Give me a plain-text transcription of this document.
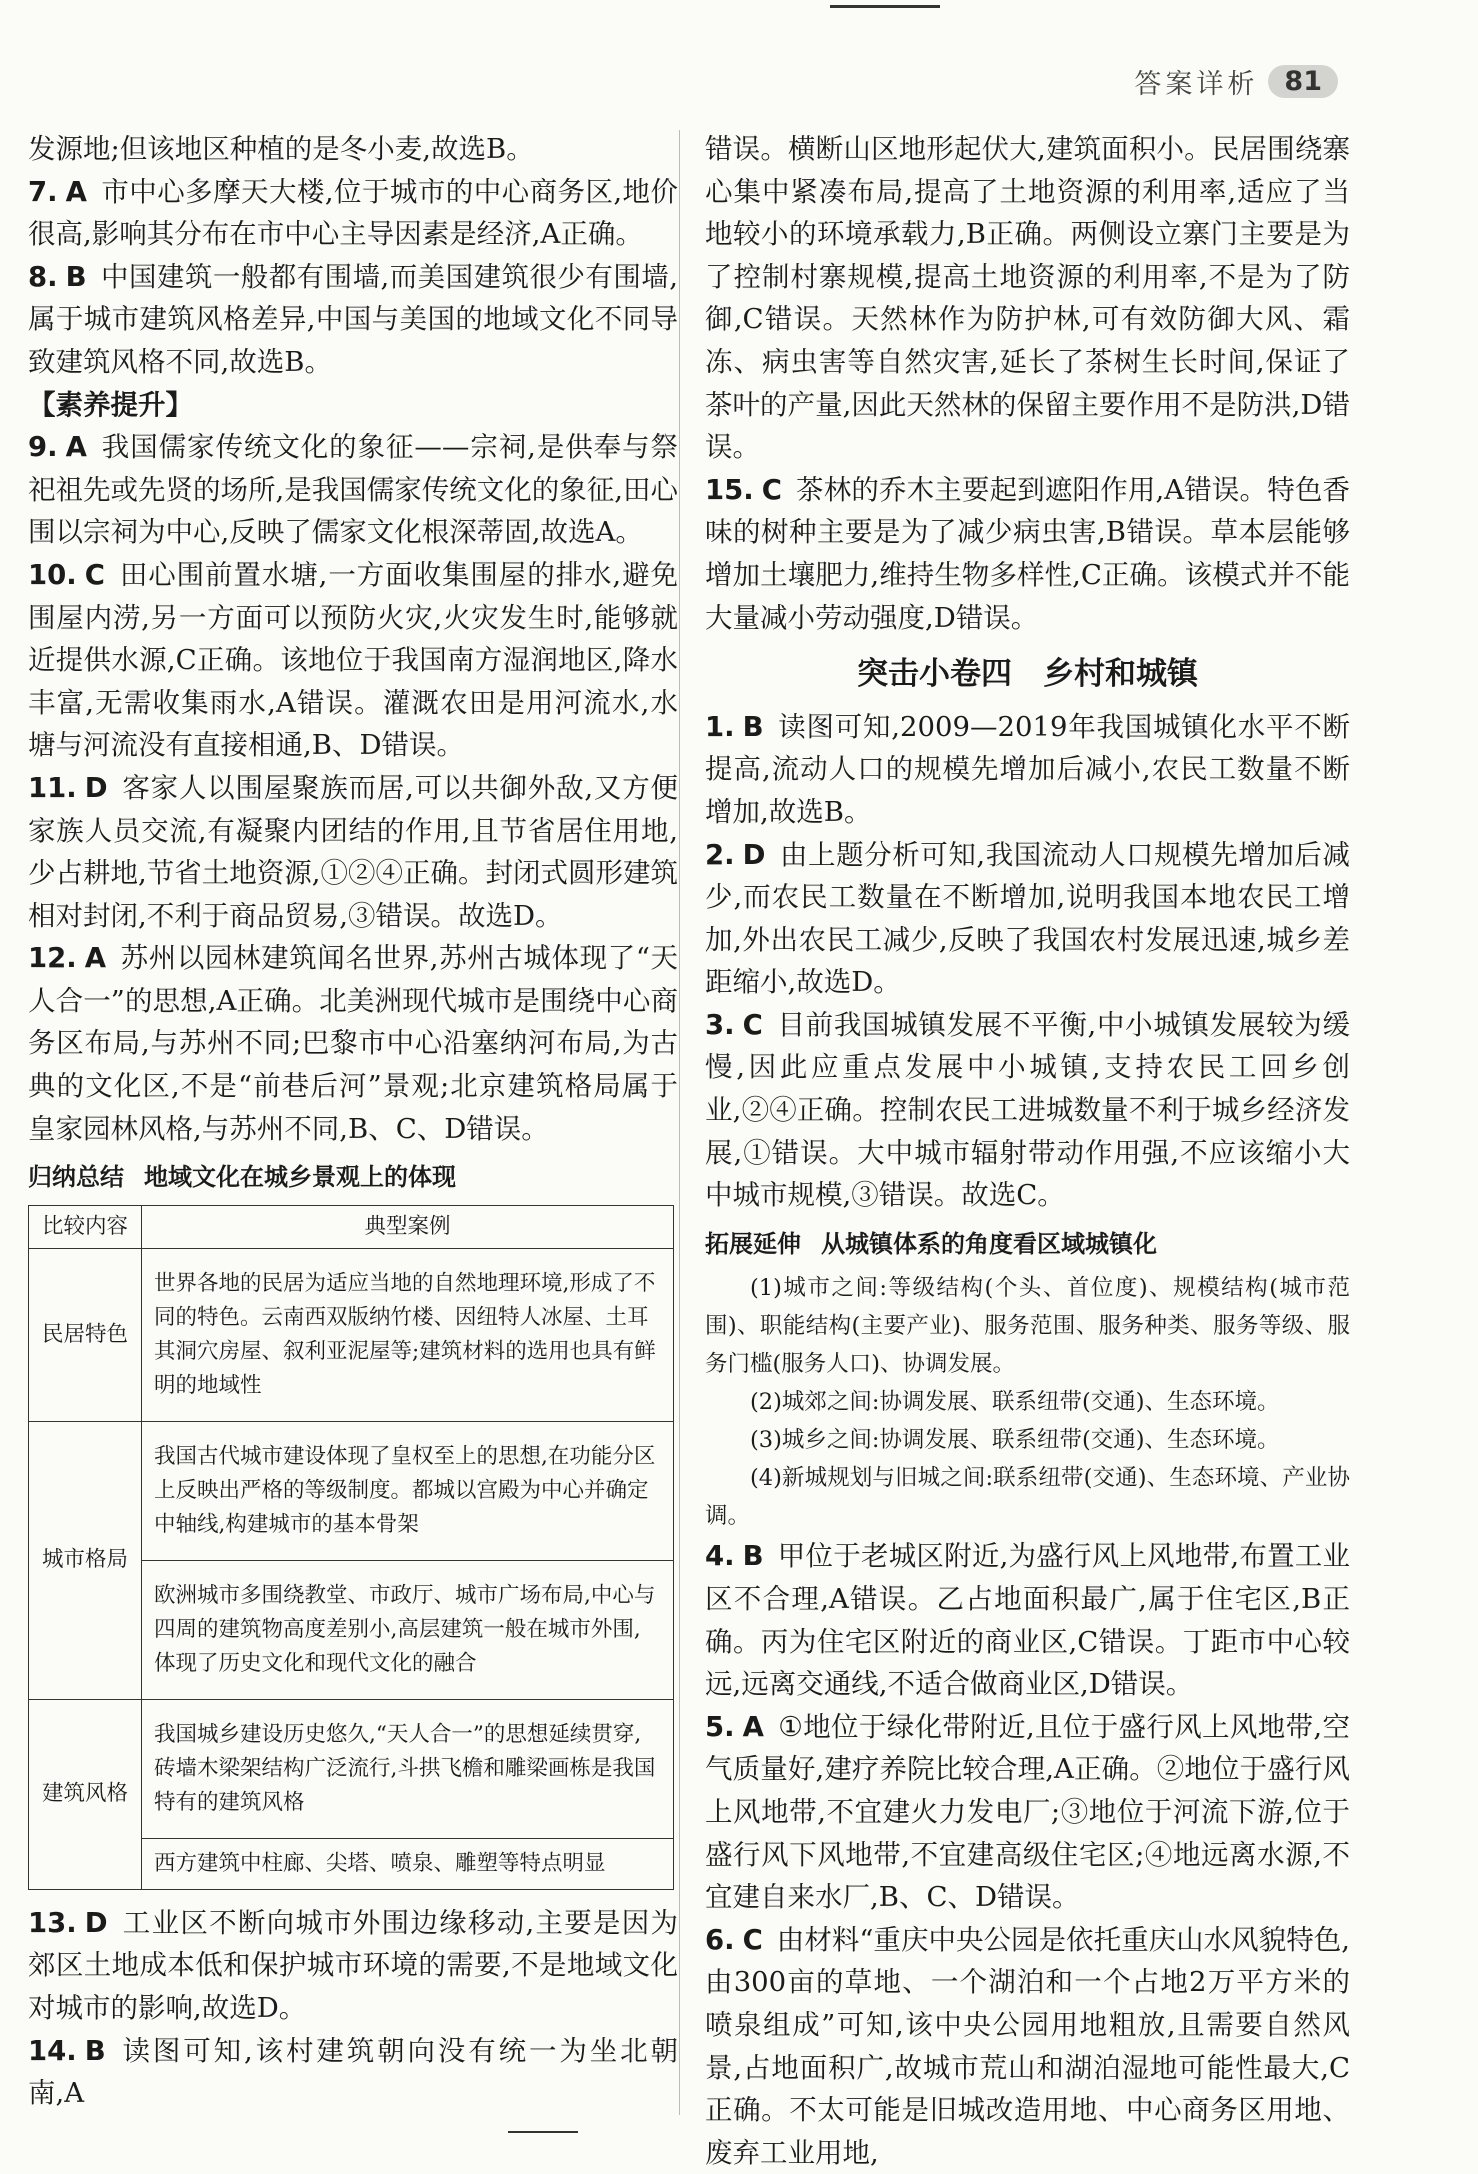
答案详析 81

发源地;但该地区种植的是冬小麦,故选B。

7. A 市中心多摩天大楼,位于城市的中心商务区,地价很高,影响其分布在市中心主导因素是经济,A正确。

8. B 中国建筑一般都有围墙,而美国建筑很少有围墙,属于城市建筑风格差异,中国与美国的地域文化不同导致建筑风格不同,故选B。

【素养提升】

9. A 我国儒家传统文化的象征——宗祠,是供奉与祭祀祖先或先贤的场所,是我国儒家传统文化的象征,田心围以宗祠为中心,反映了儒家文化根深蒂固,故选A。

10. C 田心围前置水塘,一方面收集围屋的排水,避免围屋内涝,另一方面可以预防火灾,火灾发生时,能够就近提供水源,C正确。该地位于我国南方湿润地区,降水丰富,无需收集雨水,A错误。灌溉农田是用河流水,水塘与河流没有直接相通,B、D错误。

11. D 客家人以围屋聚族而居,可以共御外敌,又方便家族人员交流,有凝聚内团结的作用,且节省居住用地,少占耕地,节省土地资源,①②④正确。封闭式圆形建筑相对封闭,不利于商品贸易,③错误。故选D。

12. A 苏州以园林建筑闻名世界,苏州古城体现了“天人合一”的思想,A正确。北美洲现代城市是围绕中心商务区布局,与苏州不同;巴黎市中心沿塞纳河布局,为古典的文化区,不是“前巷后河”景观;北京建筑格局属于皇家园林风格,与苏州不同,B、C、D错误。

归纳总结 地域文化在城乡景观上的体现
比较内容	典型案例
民居特色	世界各地的民居为适应当地的自然地理环境,形成了不同的特色。云南西双版纳竹楼、因纽特人冰屋、土耳其洞穴房屋、叙利亚泥屋等;建筑材料的选用也具有鲜明的地域性
城市格局	我国古代城市建设体现了皇权至上的思想,在功能分区上反映出严格的等级制度。都城以宫殿为中心并确定中轴线,构建城市的基本骨架
	欧洲城市多围绕教堂、市政厅、城市广场布局,中心与四周的建筑物高度差别小,高层建筑一般在城市外围,体现了历史文化和现代文化的融合
建筑风格	我国城乡建设历史悠久,“天人合一”的思想延续贯穿,砖墙木梁架结构广泛流行,斗拱飞檐和雕梁画栋是我国特有的建筑风格
	西方建筑中柱廊、尖塔、喷泉、雕塑等特点明显

13. D 工业区不断向城市外围边缘移动,主要是因为郊区土地成本低和保护城市环境的需要,不是地域文化对城市的影响,故选D。

14. B 读图可知,该村建筑朝向没有统一为坐北朝南,A

错误。横断山区地形起伏大,建筑面积小。民居围绕寨心集中紧凑布局,提高了土地资源的利用率,适应了当地较小的环境承载力,B正确。两侧设立寨门主要是为了控制村寨规模,提高土地资源的利用率,不是为了防御,C错误。天然林作为防护林,可有效防御大风、霜冻、病虫害等自然灾害,延长了茶树生长时间,保证了茶叶的产量,因此天然林的保留主要作用不是防洪,D错误。

15. C 茶林的乔木主要起到遮阳作用,A错误。特色香味的树种主要是为了减少病虫害,B错误。草本层能够增加土壤肥力,维持生物多样性,C正确。该模式并不能大量减小劳动强度,D错误。

突击小卷四　乡村和城镇

1. B 读图可知,2009—2019年我国城镇化水平不断提高,流动人口的规模先增加后减小,农民工数量不断增加,故选B。

2. D 由上题分析可知,我国流动人口规模先增加后减少,而农民工数量在不断增加,说明我国本地农民工增加,外出农民工减少,反映了我国农村发展迅速,城乡差距缩小,故选D。

3. C 目前我国城镇发展不平衡,中小城镇发展较为缓慢,因此应重点发展中小城镇,支持农民工回乡创业,②④正确。控制农民工进城数量不利于城乡经济发展,①错误。大中城市辐射带动作用强,不应该缩小大中城市规模,③错误。故选C。

拓展延伸 从城镇体系的角度看区域城镇化

(1)城市之间:等级结构(个头、首位度)、规模结构(城市范围)、职能结构(主要产业)、服务范围、服务种类、服务等级、服务门槛(服务人口)、协调发展。

(2)城郊之间:协调发展、联系纽带(交通)、生态环境。

(3)城乡之间:协调发展、联系纽带(交通)、生态环境。

(4)新城规划与旧城之间:联系纽带(交通)、生态环境、产业协调。

4. B 甲位于老城区附近,为盛行风上风地带,布置工业区不合理,A错误。乙占地面积最广,属于住宅区,B正确。丙为住宅区附近的商业区,C错误。丁距市中心较远,远离交通线,不适合做商业区,D错误。

5. A ①地位于绿化带附近,且位于盛行风上风地带,空气质量好,建疗养院比较合理,A正确。②地位于盛行风上风地带,不宜建火力发电厂;③地位于河流下游,位于盛行风下风地带,不宜建高级住宅区;④地远离水源,不宜建自来水厂,B、C、D错误。

6. C 由材料“重庆中央公园是依托重庆山水风貌特色,由300亩的草地、一个湖泊和一个占地2万平方米的喷泉组成”可知,该中央公园用地粗放,且需要自然风景,占地面积广,故城市荒山和湖泊湿地可能性最大,C正确。不太可能是旧城改造用地、中心商务区用地、废弃工业用地,
